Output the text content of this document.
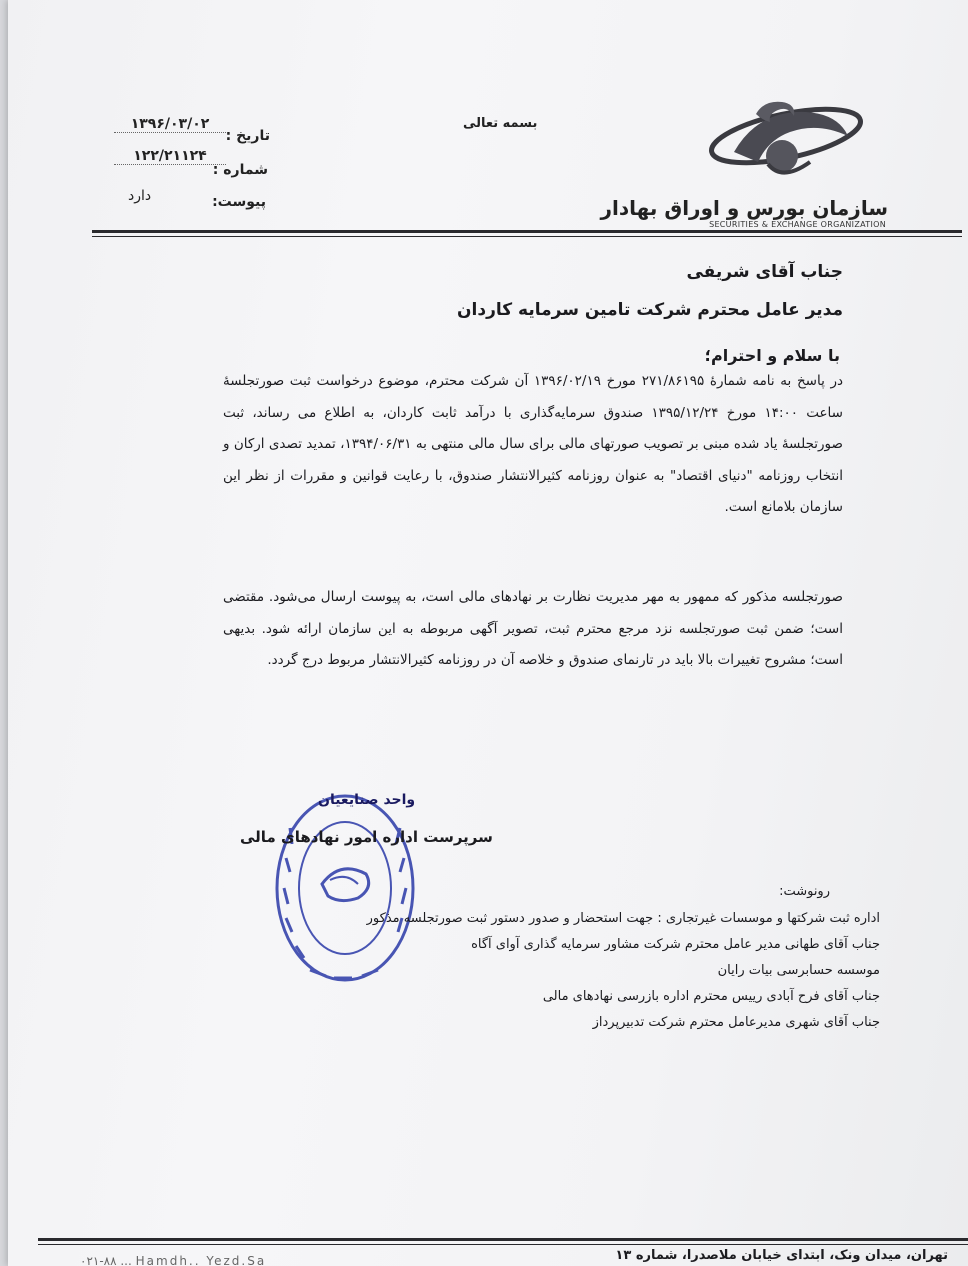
سازمان بورس و اوراق بهادار
SECURITIES & EXCHANGE ORGANIZATION
بسمه تعالی
تاریخ :
۱۳۹۶/۰۳/۰۲
شماره :
۱۲۲/۲۱۱۲۴
پیوست:
دارد
جناب آقای شریفی
مدیر عامل محترم شرکت تامین سرمایه کاردان
با سلام و احترام؛

در پاسخ به نامه شمارهٔ ۲۷۱/۸۶۱۹۵ مورخ ۱۳۹۶/۰۲/۱۹ آن شرکت محترم، موضوع درخواست ثبت صورتجلسهٔ ساعت ۱۴:۰۰ مورخ ۱۳۹۵/۱۲/۲۴ صندوق سرمایه‌گذاری با درآمد ثابت کاردان، به اطلاع می رساند، ثبت صورتجلسهٔ یاد شده مبنی بر تصویب صورتهای مالی برای سال مالی منتهی به ۱۳۹۴/۰۶/۳۱، تمدید تصدی ارکان و انتخاب روزنامه "دنیای اقتصاد" به عنوان روزنامه کثیرالانتشار صندوق، با رعایت قوانین و مقررات از نظر این سازمان بلامانع است.

صورتجلسه مذکور که ممهور به مهر مدیریت نظارت بر نهادهای مالی است، به پیوست ارسال می‌شود. مقتضی است؛ ضمن ثبت صورتجلسه نزد مرجع محترم ثبت، تصویر آگهی مربوطه به این سازمان ارائه شود. بدیهی است؛ مشروح تغییرات بالا باید در تارنمای صندوق و خلاصه آن در روزنامه کثیرالانتشار مربوط درج گردد.

واحد صنایعیان
سرپرست اداره امور نهادهای مالی
رونوشت:
اداره ثبت شرکتها و موسسات غیرتجاری : جهت استحضار و صدور دستور ثبت صورتجلسه مذکور
جناب آقای طهانی مدیر عامل محترم شرکت مشاور سرمایه گذاری آوای آگاه
موسسه حسابرسی بیات رایان
جناب آقای فرح آبادی رییس محترم اداره بازرسی نهادهای مالی
جناب آقای شهری مدیرعامل محترم شرکت تدبیرپرداز
تهران، میدان ونک، ابتدای خیابان ملاصدرا، شماره ۱۳
۰۲۱-۸۸ ... Hamdh.. Yezd.Sa
